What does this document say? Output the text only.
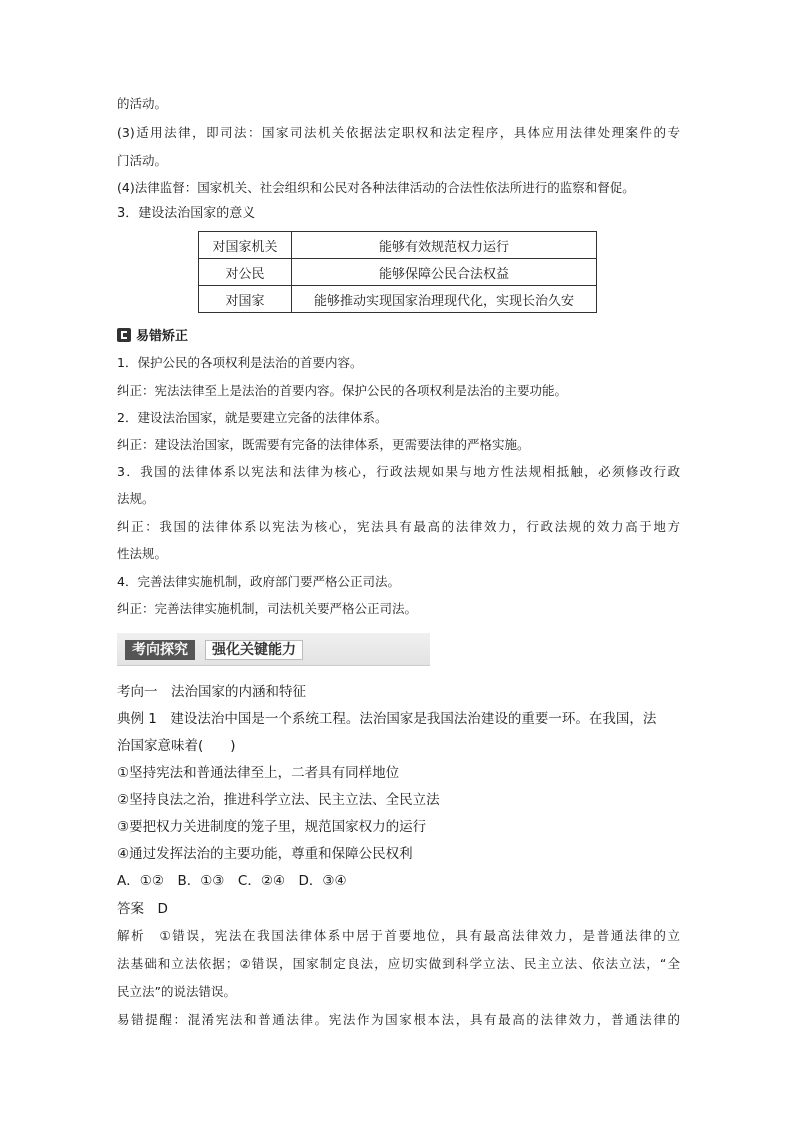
的活动。
(3)适用法律，即司法：国家司法机关依据法定职权和法定程序，具体应用法律处理案件的专
门活动。
(4)法律监督：国家机关、社会组织和公民对各种法律活动的合法性依法所进行的监察和督促。
3．建设法治国家的意义
对国家机关	能够有效规范权力运行
对公民	能够保障公民合法权益
对国家	能够推动实现国家治理现代化，实现长治久安
易错矫正
1．保护公民的各项权利是法治的首要内容。
纠正：宪法法律至上是法治的首要内容。保护公民的各项权利是法治的主要功能。
2．建设法治国家，就是要建立完备的法律体系。
纠正：建设法治国家，既需要有完备的法律体系，更需要法律的严格实施。
3．我国的法律体系以宪法和法律为核心，行政法规如果与地方性法规相抵触，必须修改行政
法规。
纠正：我国的法律体系以宪法为核心，宪法具有最高的法律效力，行政法规的效力高于地方
性法规。
4．完善法律实施机制，政府部门要严格公正司法。
纠正：完善法律实施机制，司法机关要严格公正司法。
考向探究	强化关键能力
考向一　法治国家的内涵和特征
典例 1　建设法治中国是一个系统工程。法治国家是我国法治建设的重要一环。在我国，法
治国家意味着(　　)
①坚持宪法和普通法律至上，二者具有同样地位
②坚持良法之治，推进科学立法、民主立法、全民立法
③要把权力关进制度的笼子里，规范国家权力的运行
④通过发挥法治的主要功能，尊重和保障公民权利
A．①②　B．①③　C．②④　D．③④
答案　D
解析　①错误，宪法在我国法律体系中居于首要地位，具有最高法律效力，是普通法律的立
法基础和立法依据；②错误，国家制定良法，应切实做到科学立法、民主立法、依法立法，“全
民立法”的说法错误。
易错提醒：混淆宪法和普通法律。宪法作为国家根本法，具有最高的法律效力，普通法律的
